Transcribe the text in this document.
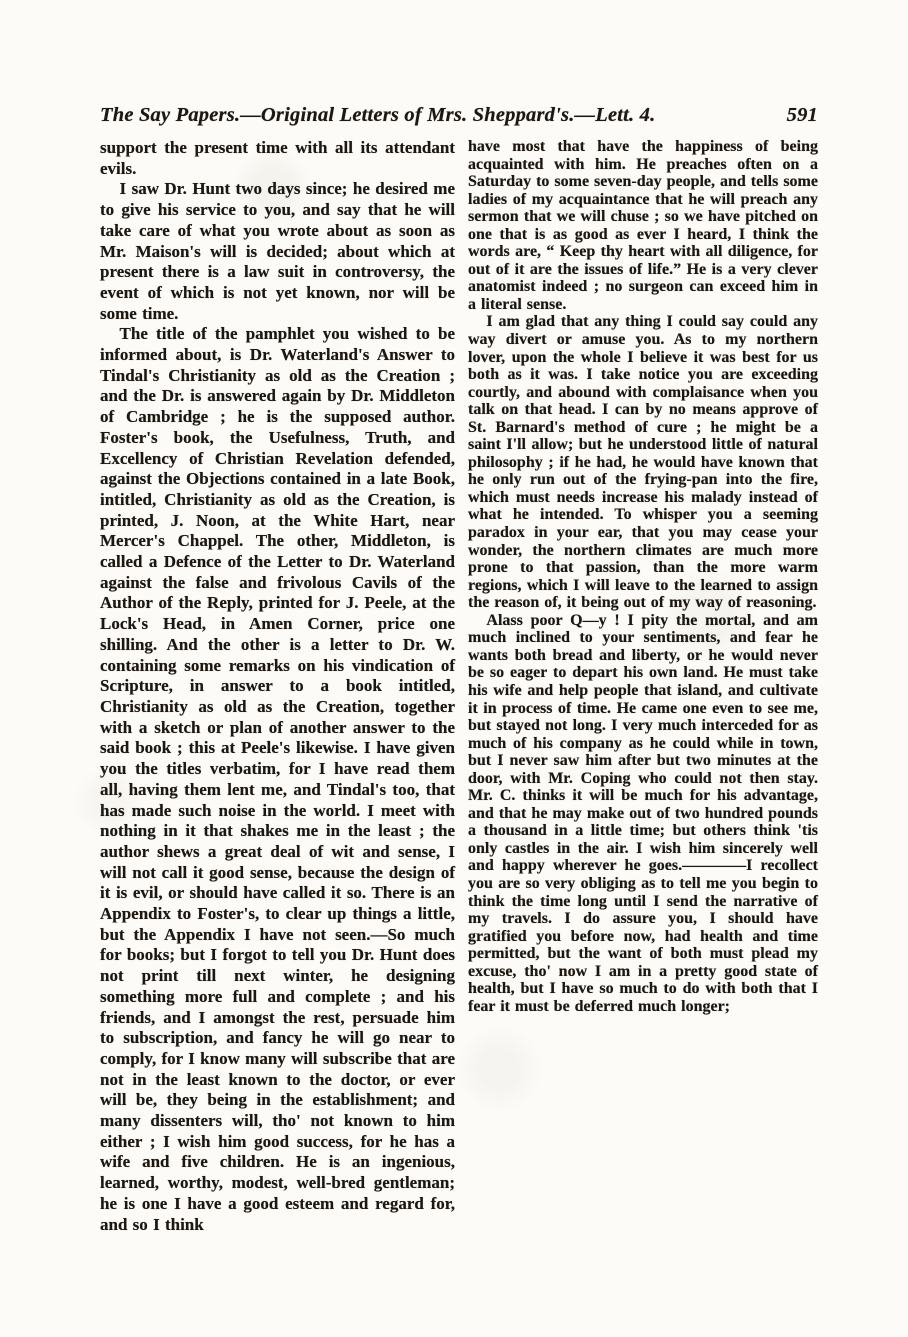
The Say Papers.—Original Letters of Mrs. Sheppard's.—Lett. 4.	591

support the present time with all its attendant evils.

I saw Dr. Hunt two days since; he desired me to give his service to you, and say that he will take care of what you wrote about as soon as Mr. Maison's will is decided; about which at present there is a law suit in controversy, the event of which is not yet known, nor will be some time.

The title of the pamphlet you wished to be informed about, is Dr. Waterland's Answer to Tindal's Christianity as old as the Creation ; and the Dr. is answered again by Dr. Middleton of Cambridge ; he is the supposed author. Foster's book, the Usefulness, Truth, and Excellency of Christian Revelation defended, against the Objections contained in a late Book, intitled, Christianity as old as the Creation, is printed, J. Noon, at the White Hart, near Mercer's Chappel. The other, Middleton, is called a Defence of the Letter to Dr. Waterland against the false and frivolous Cavils of the Author of the Reply, printed for J. Peele, at the Lock's Head, in Amen Corner, price one shilling. And the other is a letter to Dr. W. containing some remarks on his vindication of Scripture, in answer to a book intitled, Christianity as old as the Creation, together with a sketch or plan of another answer to the said book ; this at Peele's likewise. I have given you the titles verbatim, for I have read them all, having them lent me, and Tindal's too, that has made such noise in the world. I meet with nothing in it that shakes me in the least ; the author shews a great deal of wit and sense, I will not call it good sense, because the design of it is evil, or should have called it so. There is an Appendix to Foster's, to clear up things a little, but the Appendix I have not seen.—So much for books; but I forgot to tell you Dr. Hunt does not print till next winter, he designing something more full and complete ; and his friends, and I amongst the rest, persuade him to subscription, and fancy he will go near to comply, for I know many will subscribe that are not in the least known to the doctor, or ever will be, they being in the establishment; and many dissenters will, tho' not known to him either ; I wish him good success, for he has a wife and five children. He is an ingenious, learned, worthy, modest, well-bred gentleman; he is one I have a good esteem and regard for, and so I think

have most that have the happiness of being acquainted with him. He preaches often on a Saturday to some seven-day people, and tells some ladies of my acquaintance that he will preach any sermon that we will chuse ; so we have pitched on one that is as good as ever I heard, I think the words are, “ Keep thy heart with all diligence, for out of it are the issues of life.” He is a very clever anatomist indeed ; no surgeon can exceed him in a literal sense.

I am glad that any thing I could say could any way divert or amuse you. As to my northern lover, upon the whole I believe it was best for us both as it was. I take notice you are exceeding courtly, and abound with complaisance when you talk on that head. I can by no means approve of St. Barnard's method of cure ; he might be a saint I'll allow; but he understood little of natural philosophy ; if he had, he would have known that he only run out of the frying-pan into the fire, which must needs increase his malady instead of what he intended. To whisper you a seeming paradox in your ear, that you may cease your wonder, the northern climates are much more prone to that passion, than the more warm regions, which I will leave to the learned to assign the reason of, it being out of my way of reasoning.

Alass poor Q—y ! I pity the mortal, and am much inclined to your sentiments, and fear he wants both bread and liberty, or he would never be so eager to depart his own land. He must take his wife and help people that island, and cultivate it in process of time. He came one even to see me, but stayed not long. I very much interceded for as much of his company as he could while in town, but I never saw him after but two minutes at the door, with Mr. Coping who could not then stay. Mr. C. thinks it will be much for his advantage, and that he may make out of two hundred pounds a thousand in a little time; but others think 'tis only castles in the air. I wish him sincerely well and happy wherever he goes.————I recollect you are so very obliging as to tell me you begin to think the time long until I send the narrative of my travels. I do assure you, I should have gratified you before now, had health and time permitted, but the want of both must plead my excuse, tho' now I am in a pretty good state of health, but I have so much to do with both that I fear it must be deferred much longer;
